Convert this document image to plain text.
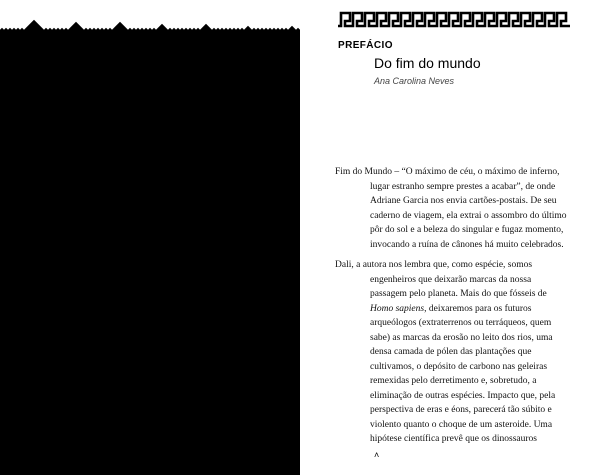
PREFÁCIO
Do fim do mundo

Ana Carolina Neves

Fim do Mundo – “O máximo de céu, o máximo de inferno, lugar estranho sempre prestes a acabar”, de onde Adriane Garcia nos envia cartões-postais. De seu caderno de viagem, ela extrai o assombro do último pôr do sol e a beleza do singular e fugaz momento, invocando a ruína de cânones há muito celebrados.

Dali, a autora nos lembra que, como espécie, somos engenheiros que deixarão marcas da nossa passagem pelo planeta. Mais do que fósseis de Homo sapiens, deixaremos para os futuros arqueólogos (extraterrenos ou terráqueos, quem sabe) as marcas da erosão no leito dos rios, uma densa camada de pólen das plantações que cultivamos, o depósito de carbono nas geleiras remexidas pelo derretimento e, sobretudo, a eliminação de outras espécies. Impacto que, pela perspectiva de eras e éons, parecerá tão súbito e violento quanto o choque de um asteroide. Uma hipótese científica prevê que os dinossauros

˄
